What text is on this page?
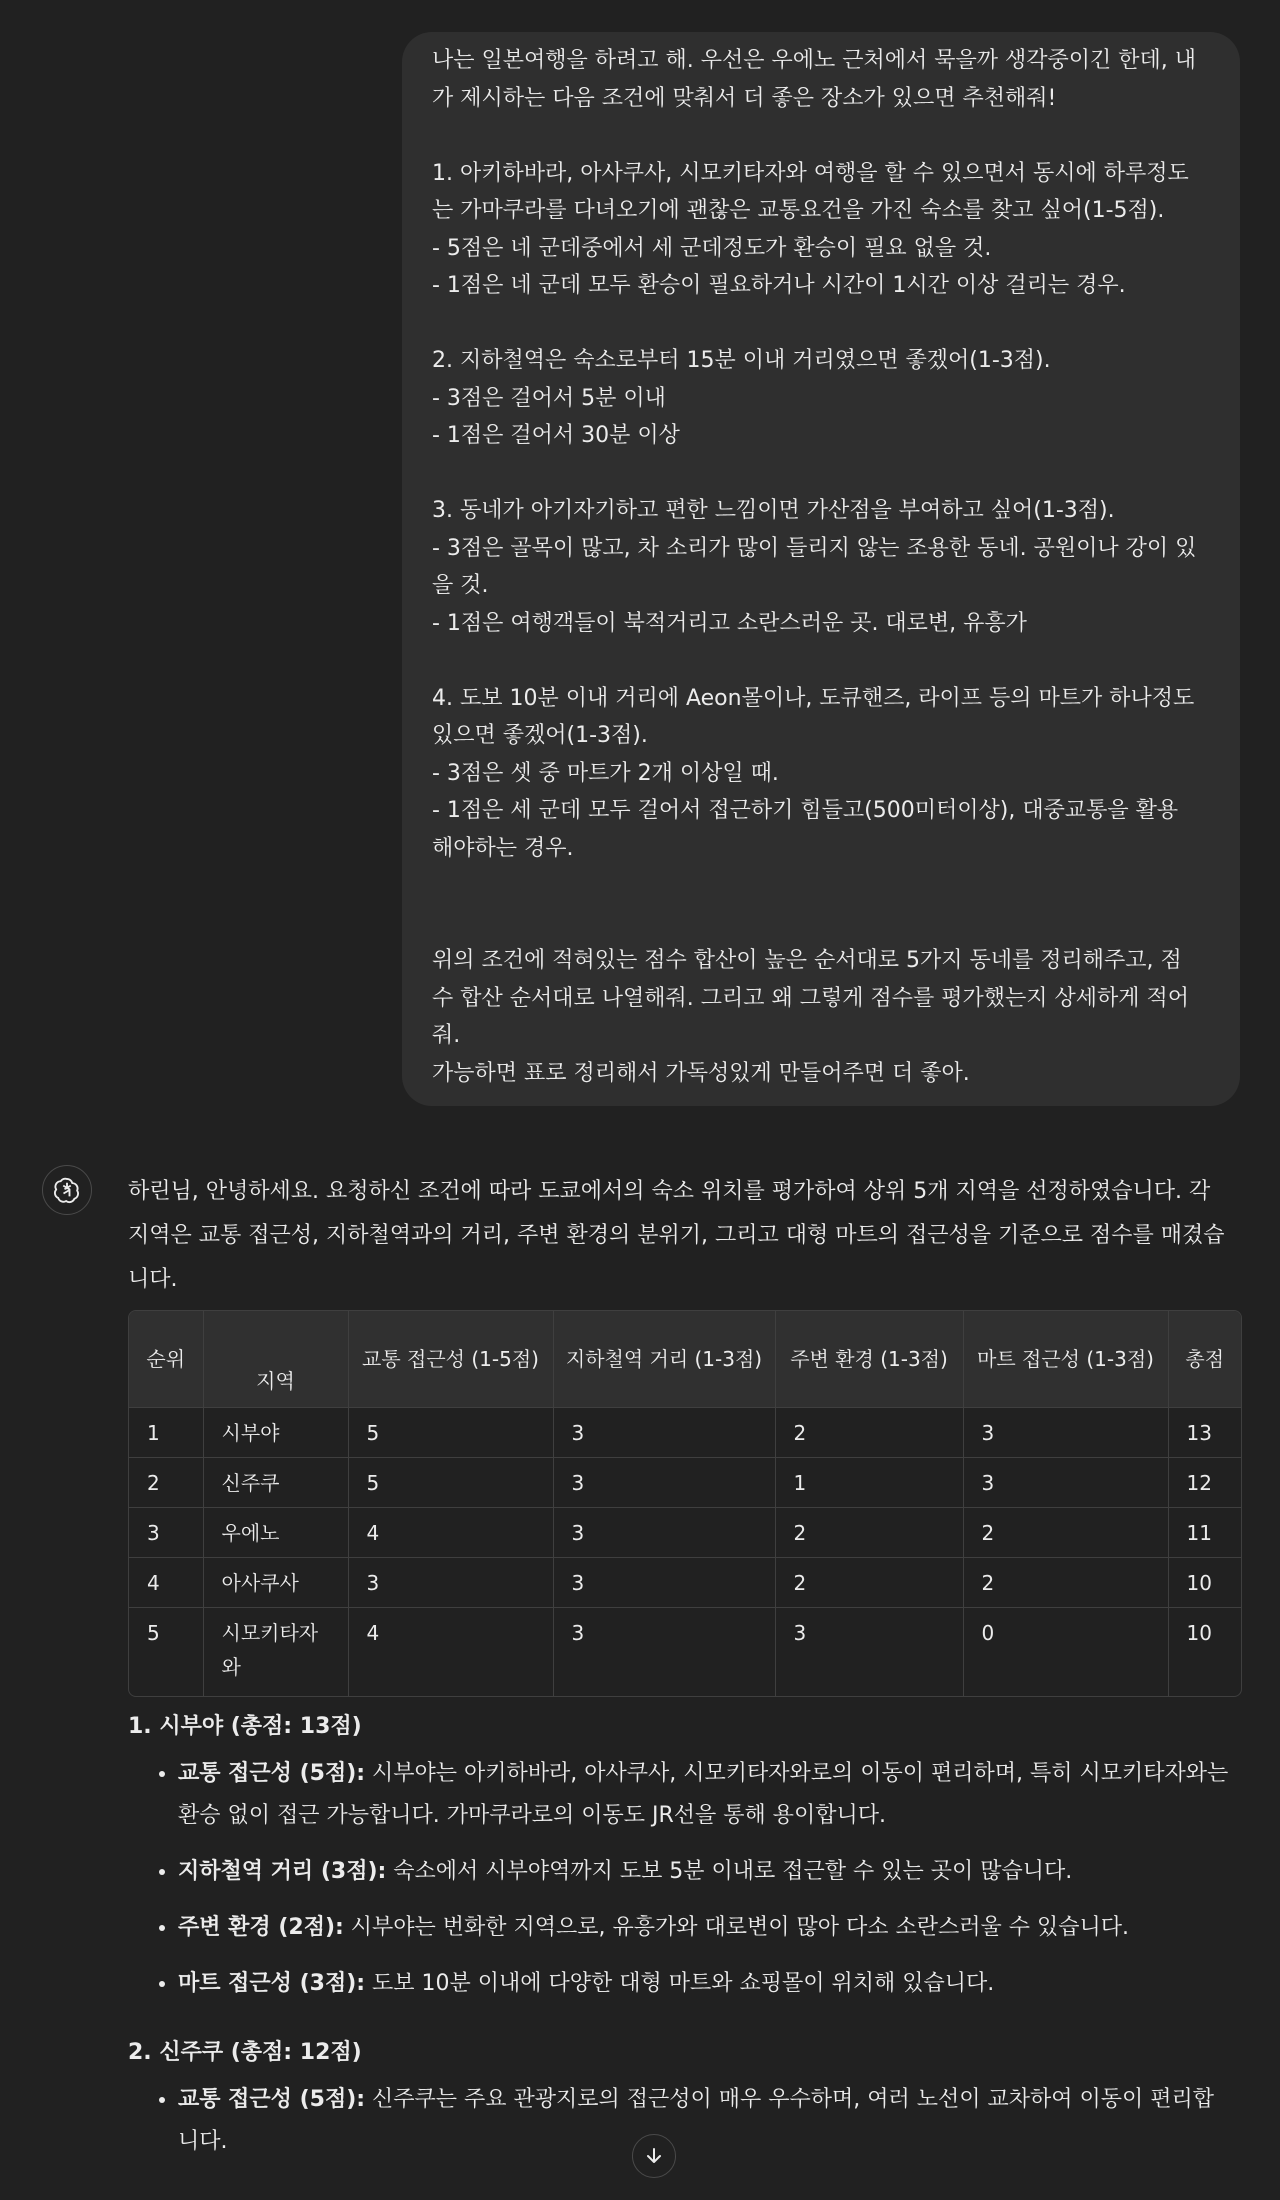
나는 일본여행을 하려고 해. 우선은 우에노 근처에서 묵을까 생각중이긴 한데, 내
가 제시하는 다음 조건에 맞춰서 더 좋은 장소가 있으면 추천해줘!
1. 아키하바라, 아사쿠사, 시모키타자와 여행을 할 수 있으면서 동시에 하루정도
는 가마쿠라를 다녀오기에 괜찮은 교통요건을 가진 숙소를 찾고 싶어(1-5점).
- 5점은 네 군데중에서 세 군데정도가 환승이 필요 없을 것.
- 1점은 네 군데 모두 환승이 필요하거나 시간이 1시간 이상 걸리는 경우.
2. 지하철역은 숙소로부터 15분 이내 거리였으면 좋겠어(1-3점).
- 3점은 걸어서 5분 이내
- 1점은 걸어서 30분 이상
3. 동네가 아기자기하고 편한 느낌이면 가산점을 부여하고 싶어(1-3점).
- 3점은 골목이 많고, 차 소리가 많이 들리지 않는 조용한 동네. 공원이나 강이 있
을 것.
- 1점은 여행객들이 북적거리고 소란스러운 곳. 대로변, 유흥가
4. 도보 10분 이내 거리에 Aeon몰이나, 도큐핸즈, 라이프 등의 마트가 하나정도
있으면 좋겠어(1-3점).
- 3점은 셋 중 마트가 2개 이상일 때.
- 1점은 세 군데 모두 걸어서 접근하기 힘들고(500미터이상), 대중교통을 활용
해야하는 경우.
위의 조건에 적혀있는 점수 합산이 높은 순서대로 5가지 동네를 정리해주고, 점
수 합산 순서대로 나열해줘. 그리고 왜 그렇게 점수를 평가했는지 상세하게 적어
줘.
가능하면 표로 정리해서 가독성있게 만들어주면 더 좋아.
하린님, 안녕하세요. 요청하신 조건에 따라 도쿄에서의 숙소 위치를 평가하여 상위 5개 지역을 선정하였습니다. 각
지역은 교통 접근성, 지하철역과의 거리, 주변 환경의 분위기, 그리고 대형 마트의 접근성을 기준으로 점수를 매겼습
니다.
순위	지역	교통 접근성 (1-5점)	지하철역 거리 (1-3점)	주변 환경 (1-3점)	마트 접근성 (1-3점)	총점
1	시부야	5	3	2	3	13
2	신주쿠	5	3	1	3	12
3	우에노	4	3	2	2	11
4	아사쿠사	3	3	2	2	10
5	시모키타자와	4	3	3	0	10
1. 시부야 (총점: 13점)
• 교통 접근성 (5점): 시부야는 아키하바라, 아사쿠사, 시모키타자와로의 이동이 편리하며, 특히 시모키타자와는
환승 없이 접근 가능합니다. 가마쿠라로의 이동도 JR선을 통해 용이합니다.
• 지하철역 거리 (3점): 숙소에서 시부야역까지 도보 5분 이내로 접근할 수 있는 곳이 많습니다.
• 주변 환경 (2점): 시부야는 번화한 지역으로, 유흥가와 대로변이 많아 다소 소란스러울 수 있습니다.
• 마트 접근성 (3점): 도보 10분 이내에 다양한 대형 마트와 쇼핑몰이 위치해 있습니다.
2. 신주쿠 (총점: 12점)
• 교통 접근성 (5점): 신주쿠는 주요 관광지로의 접근성이 매우 우수하며, 여러 노선이 교차하여 이동이 편리합
니다.
